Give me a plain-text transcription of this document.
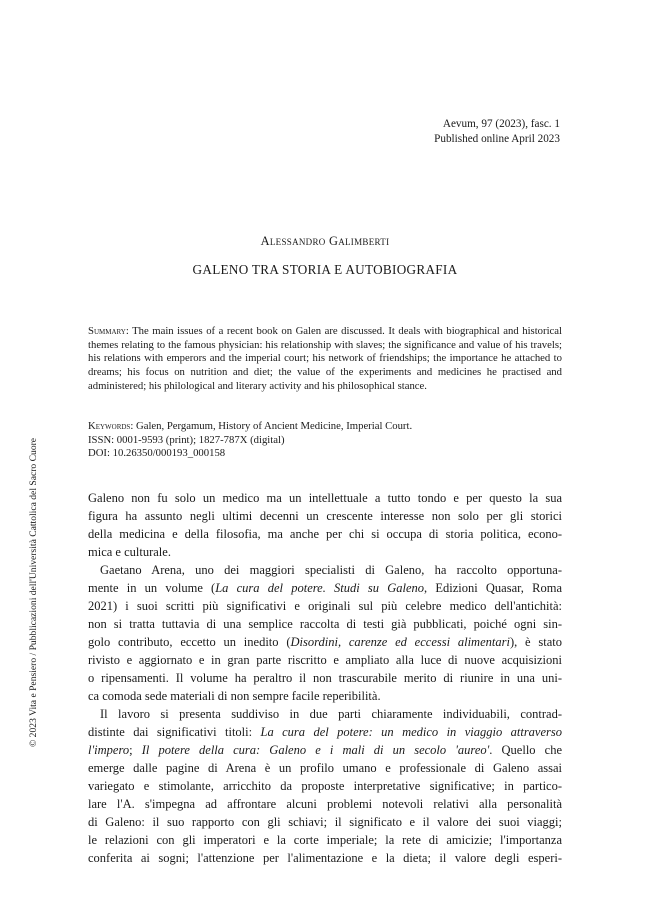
Aevum, 97 (2023), fasc. 1
Published online April 2023
Alessandro Galimberti
GALENO TRA STORIA E AUTOBIOGRAFIA
Summary: The main issues of a recent book on Galen are discussed. It deals with biographical and historical themes relating to the famous physician: his relationship with slaves; the significance and value of his travels; his relations with emperors and the imperial court; his network of friendships; the importance he attached to dreams; his focus on nutrition and diet; the value of the experiments and medicines he practised and administered; his philological and literary activity and his philosophical stance.
Keywords: Galen, Pergamum, History of Ancient Medicine, Imperial Court.
ISSN: 0001-9593 (print); 1827-787X (digital)
DOI: 10.26350/000193_000158
© 2023 Vita e Pensiero / Pubblicazioni dell'Università Cattolica del Sacro Cuore	Galeno non fu solo un medico ma un intellettuale a tutto tondo e per questo la sua
figura ha assunto negli ultimi decenni un crescente interesse non solo per gli storici
della medicina e della filosofia, ma anche per chi si occupa di storia politica, econo-
mica e culturale.
Gaetano Arena, uno dei maggiori specialisti di Galeno, ha raccolto opportuna-
mente in un volume (La cura del potere. Studi su Galeno, Edizioni Quasar, Roma
2021) i suoi scritti più significativi e originali sul più celebre medico dell'antichità:
non si tratta tuttavia di una semplice raccolta di testi già pubblicati, poiché ogni sin-
golo contributo, eccetto un inedito (Disordini, carenze ed eccessi alimentari), è stato
rivisto e aggiornato e in gran parte riscritto e ampliato alla luce di nuove acquisizioni
o ripensamenti. Il volume ha peraltro il non trascurabile merito di riunire in una uni-
ca comoda sede materiali di non sempre facile reperibilità.
Il lavoro si presenta suddiviso in due parti chiaramente individuabili, contrad-
distinte dai significativi titoli: La cura del potere: un medico in viaggio attraverso
l'impero; Il potere della cura: Galeno e i mali di un secolo 'aureo'. Quello che
emerge dalle pagine di Arena è un profilo umano e professionale di Galeno assai
variegato e stimolante, arricchito da proposte interpretative significative; in partico-
lare l'A. s'impegna ad affrontare alcuni problemi notevoli relativi alla personalità
di Galeno: il suo rapporto con gli schiavi; il significato e il valore dei suoi viaggi;
le relazioni con gli imperatori e la corte imperiale; la rete di amicizie; l'importanza
conferita ai sogni; l'attenzione per l'alimentazione e la dieta; il valore degli esperi-
